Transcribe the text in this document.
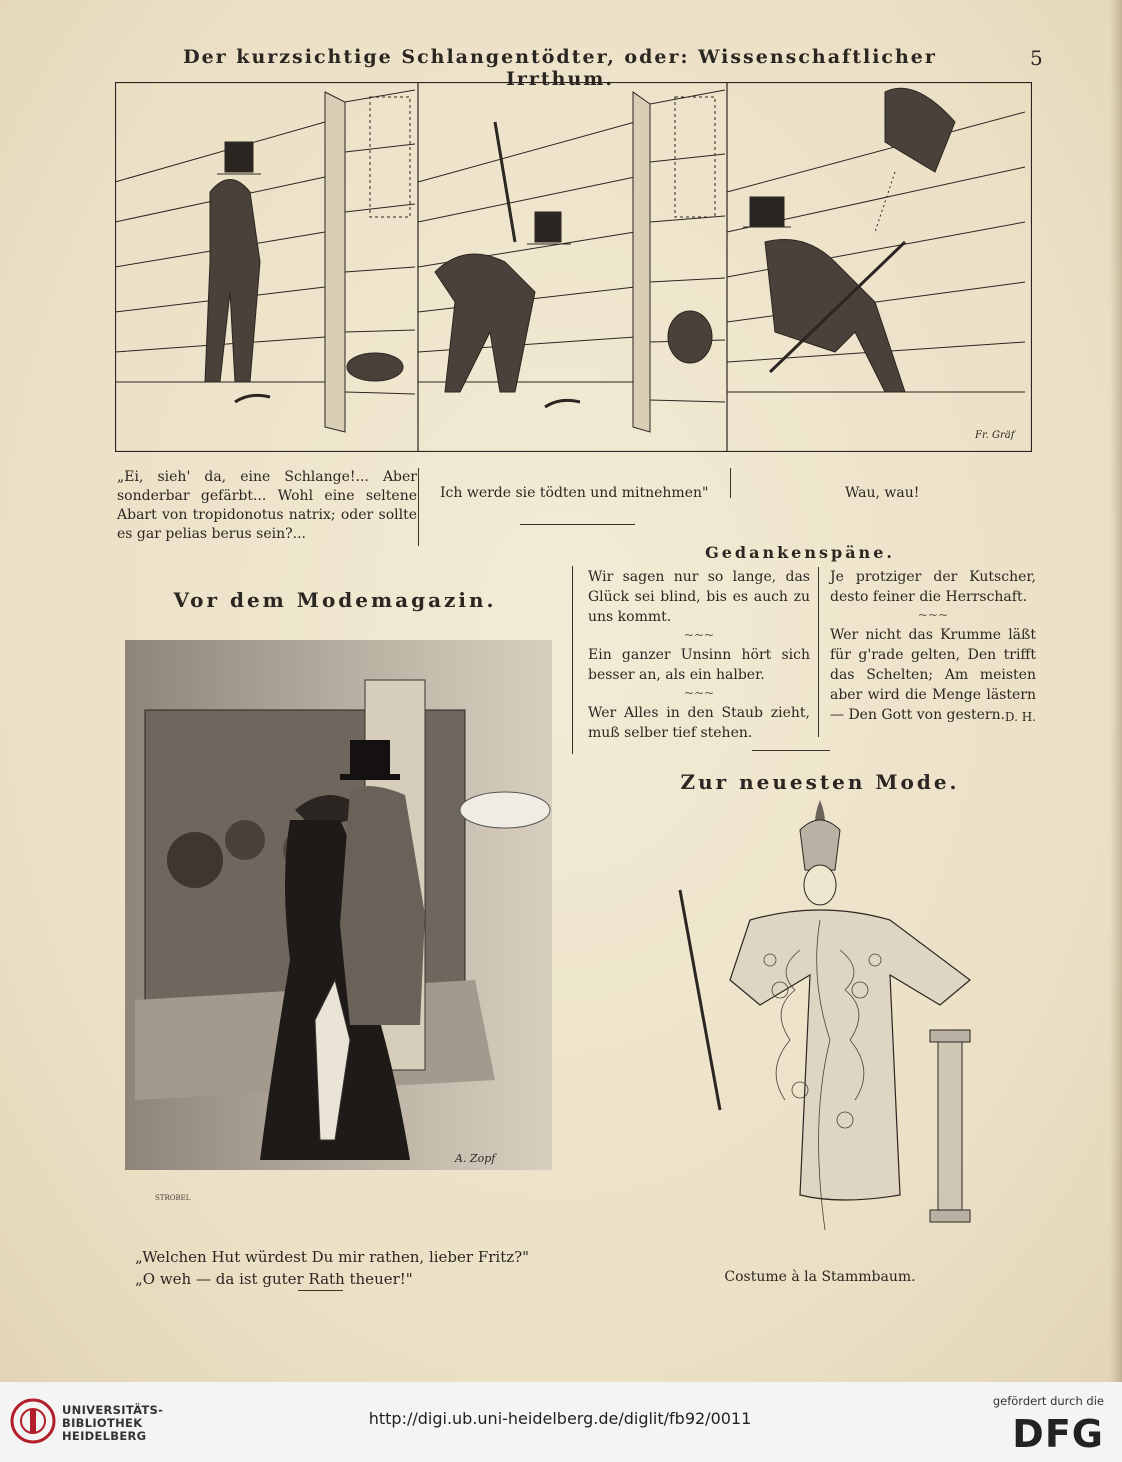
Der kurzsichtige Schlangentödter, oder: Wissenschaftlicher Irrthum.
5
Fr. Gräf
„Ei, sieh' da, eine Schlange!... Aber sonderbar gefärbt... Wohl eine seltene Abart von tropidonotus natrix; oder sollte es gar pelias berus sein?...
Ich werde sie tödten und mitnehmen"	Wau, wau!
Gedankenspäne.
Wir sagen nur so lange, das Glück sei blind, bis es auch zu uns kommt.
~~~
Ein ganzer Unsinn hört sich besser an, als ein halber.
~~~
Wer Alles in den Staub zieht, muß selber tief stehen.
Je protziger der Kutscher, desto feiner die Herrschaft.
~~~
Wer nicht das Krumme läßt für g'rade gelten, Den trifft das Schelten; Am meisten aber wird die Menge lästern — Den Gott von gestern. D. H.
Vor dem Modemagazin.
A. Zopf
STROBEL
„Welchen Hut würdest Du mir rathen, lieber Fritz?"
„O weh — da ist guter Rath theuer!"
Zur neuesten Mode.
Costume à la Stammbaum.
UNIVERSITÄTS-
BIBLIOTHEK
HEIDELBERG
http://digi.ub.uni-heidelberg.de/diglit/fb92/0011
gefördert durch die
DFG
